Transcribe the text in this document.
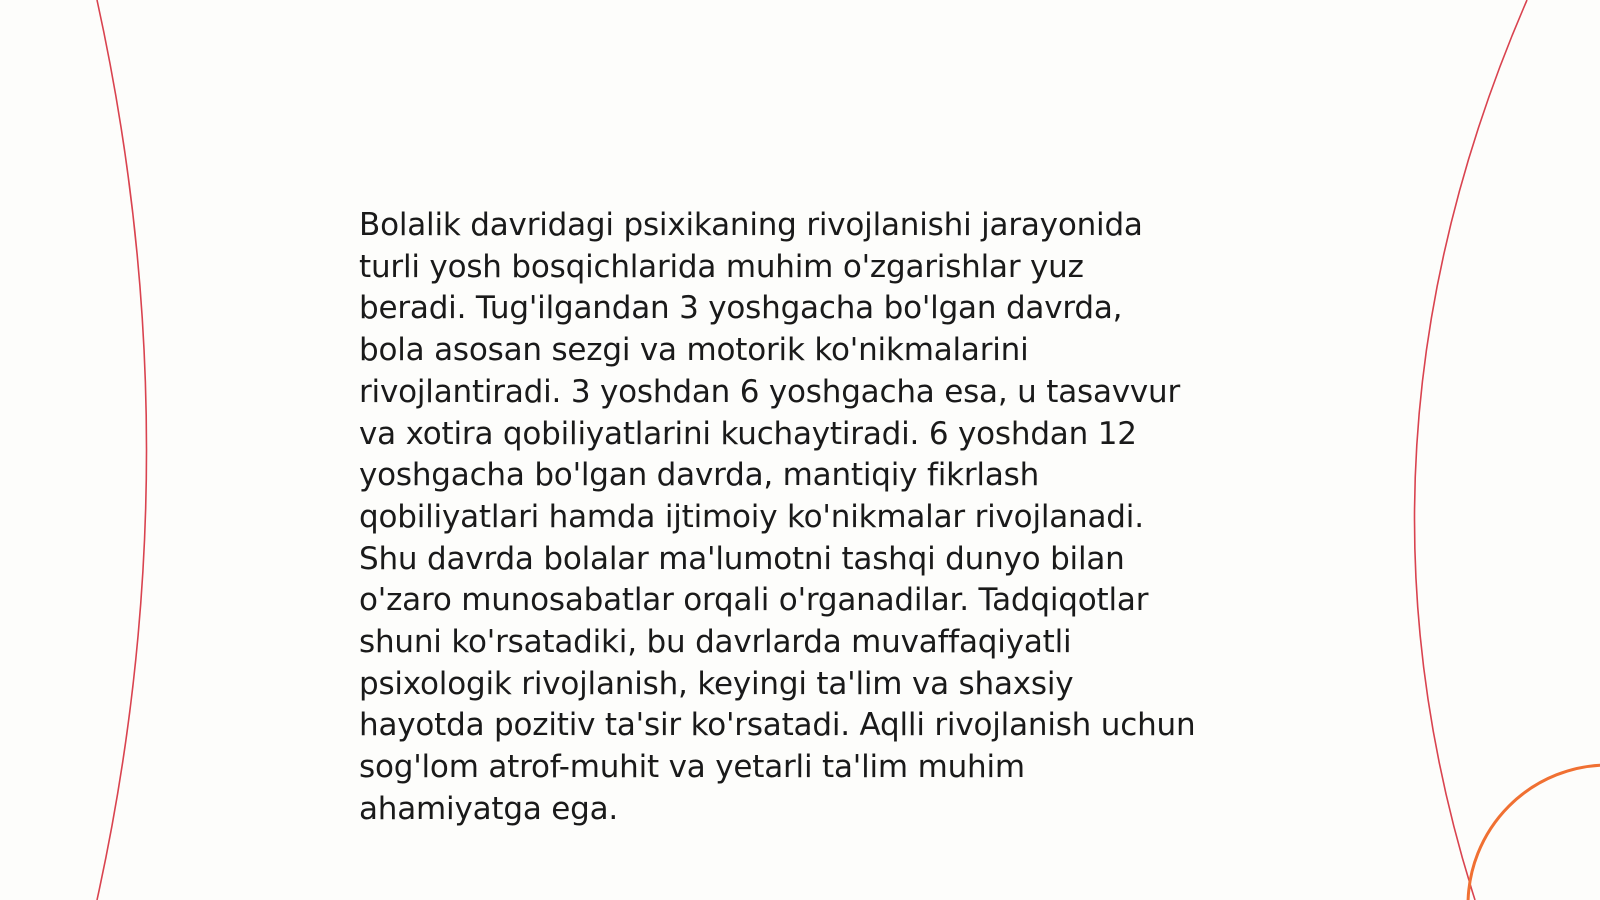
Bolalik davridagi psixikaning rivojlanishi jarayonida
turli yosh bosqichlarida muhim o'zgarishlar yuz
beradi. Tug'ilgandan 3 yoshgacha bo'lgan davrda,
bola asosan sezgi va motorik ko'nikmalarini
rivojlantiradi. 3 yoshdan 6 yoshgacha esa, u tasavvur
va xotira qobiliyatlarini kuchaytiradi. 6 yoshdan 12
yoshgacha bo'lgan davrda, mantiqiy fikrlash
qobiliyatlari hamda ijtimoiy ko'nikmalar rivojlanadi.
Shu davrda bolalar ma'lumotni tashqi dunyo bilan
o'zaro munosabatlar orqali o'rganadilar. Tadqiqotlar
shuni ko'rsatadiki, bu davrlarda muvaffaqiyatli
psixologik rivojlanish, keyingi ta'lim va shaxsiy
hayotda pozitiv ta'sir ko'rsatadi. Aqlli rivojlanish uchun
sog'lom atrof-muhit va yetarli ta'lim muhim
ahamiyatga ega.
